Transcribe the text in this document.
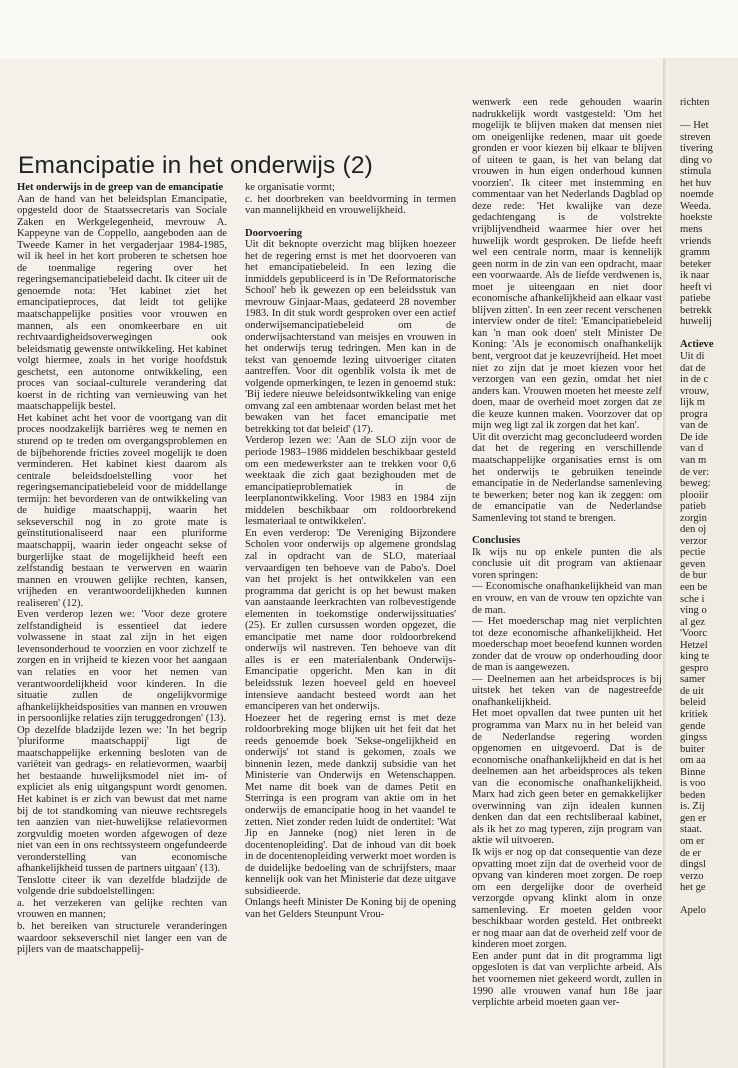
Emancipatie in het onderwijs (2)

Het onderwijs in de greep van de emancipatie

Aan de hand van het beleidsplan Emancipatie, opgesteld door de Staatssecretaris van Sociale Zaken en Werkgelegenheid, mevrouw A. Kappeyne van de Coppello, aangeboden aan de Tweede Kamer in het vergaderjaar 1984-1985, wil ik heel in het kort proberen te schetsen hoe de toenmalige regering over het regeringsemancipatiebeleid dacht. Ik citeer uit de genoemde nota: 'Het kabinet ziet het emancipatieproces, dat leidt tot gelijke maatschappelijke posities voor vrouwen en mannen, als een onomkeerbare en uit rechtvaardigheidsoverwegingen ook beleidsmatig gewenste ontwikkeling. Het kabinet volgt hiermee, zoals in het vorige hoofdstuk geschetst, een autonome ontwikkeling, een proces van sociaal-culturele verandering dat koerst in de richting van vernieuwing van het maatschappelijk bestel.

Het kabinet acht het voor de voortgang van dit proces noodzakelijk barrières weg te nemen en sturend op te treden om overgangsproblemen en de bijbehorende fricties zoveel mogelijk te doen verminderen. Het kabinet kiest daarom als centrale beleidsdoelstelling voor het regeringsemancipatiebeleid voor de middellange termijn: het bevorderen van de ontwikkeling van de huidige maatschappij, waarin het sekseverschil nog in zo grote mate is geïnstitutionaliseerd naar een pluriforme maatschappij, waarin ieder ongeacht sekse of burgerlijke staat de mogelijkheid heeft een zelfstandig bestaan te verwerven en waarin mannen en vrouwen gelijke rechten, kansen, vrijheden en verantwoordelijkheden kunnen realiseren' (12).

Even verderop lezen we: 'Voor deze grotere zelfstandigheid is essentieel dat iedere volwassene in staat zal zijn in het eigen levensonderhoud te voorzien en voor zichzelf te zorgen en in vrijheid te kiezen voor het aangaan van relaties en voor het nemen van verantwoordelijkheid voor kinderen. In die situatie zullen de ongelijkvormige afhankelijkheidsposities van mannen en vrouwen in persoonlijke relaties zijn teruggedrongen' (13).

Op dezelfde bladzijde lezen we: 'In het begrip 'pluriforme maatschappij' ligt de maatschappelijke erkenning besloten van de variëteit van gedrags- en relatievormen, waarbij het bestaande huwelijksmodel niet im- of expliciet als enig uitgangspunt wordt genomen. Het kabinet is er zich van bewust dat met name bij de tot standkoming van nieuwe rechtsregels ten aanzien van niet-huwelijkse relatievormen zorgvuldig moeten worden afgewogen of deze niet van een in ons rechtssysteem ongefundeerde veronderstelling van economische afhankelijkheid tussen de partners uitgaan' (13).

Tenslotte citeer ik van dezelfde bladzijde de volgende drie subdoelstellingen:

a. het verzekeren van gelijke rechten van vrouwen en mannen;

b. het bereiken van structurele veranderingen waardoor sekseverschil niet langer een van de pijlers van de maatschappelij-

ke organisatie vormt;

c. het doorbreken van beeldvorming in termen van mannelijkheid en vrouwelijkheid.

Doorvoering

Uit dit beknopte overzicht mag blijken hoezeer het de regering ernst is met het doorvoeren van het emancipatiebeleid. In een lezing die inmiddels gepubliceerd is in 'De Reformatorische School' heb ik gewezen op een beleidsstuk van mevrouw Ginjaar-Maas, gedateerd 28 november 1983. In dit stuk wordt gesproken over een actief onderwijsemancipatiebeleid om de onderwijsachterstand van meisjes en vrouwen in het onderwijs terug tedringen. Men kan in de tekst van genoemde lezing uitvoeriger citaten aantreffen. Voor dit ogenblik volsta ik met de volgende opmerkingen, te lezen in genoemd stuk: 'Bij iedere nieuwe beleidsontwikkeling van enige omvang zal een ambtenaar worden belast met het bewaken van het facet emancipatie met betrekking tot dat beleid' (17).

Verderop lezen we: 'Aan de SLO zijn voor de periode 1983–1986 middelen beschikbaar gesteld om een medewerkster aan te trekken voor 0,6 weektaak die zich gaat bezighouden met de emancipatieproblematiek in de leerplanontwikkeling. Voor 1983 en 1984 zijn middelen beschikbaar om roldoorbrekend lesmateriaal te ontwikkelen'.

En even verderop: 'De Vereniging Bijzondere Scholen voor onderwijs op algemene grondslag zal in opdracht van de SLO, materiaal vervaardigen ten behoeve van de Pabo's. Doel van het projekt is het ontwikkelen van een programma dat gericht is op het bewust maken van aanstaande leerkrachten van rolbevestigende elementen in toekomstige onderwijssituaties' (25). Er zullen cursussen worden opgezet, die emancipatie met name door roldoorbrekend onderwijs wil nastreven. Ten behoeve van dit alles is er een materialenbank Onderwijs-Emancipatie opgericht. Men kan in dit beleidsstuk lezen hoeveel geld en hoeveel intensieve aandacht besteed wordt aan het emanciperen van het onderwijs.

Hoezeer het de regering ernst is met deze roldoorbreking moge blijken uit het feit dat het reeds genoemde boek 'Sekse-ongelijkheid en onderwijs' tot stand is gekomen, zoals we binnenin lezen, mede dankzij subsidie van het Ministerie van Onderwijs en Wetenschappen. Met name dit boek van de dames Petit en Sterringa is een program van aktie om in het onderwijs de emancipatie hoog in het vaandel te zetten. Niet zonder reden luidt de ondertitel: 'Wat Jip en Janneke (nog) niet leren in de docentenopleiding'. Dat de inhoud van dit boek in de docentenopleiding verwerkt moet worden is de duidelijke bedoeling van de schrijfsters, maar kennelijk ook van het Ministerie dat deze uitgave subsidieerde.

Onlangs heeft Minister De Koning bij de opening van het Gelders Steunpunt Vrou-

wenwerk een rede gehouden waarin nadrukkelijk wordt vastgesteld: 'Om het mogelijk te blijven maken dat mensen niet om oneigenlijke redenen, maar uit goede gronden er voor kiezen bij elkaar te blijven of uiteen te gaan, is het van belang dat vrouwen in hun eigen onderhoud kunnen voorzien'. Ik citeer met instemming en commentaar van het Nederlands Dagblad op deze rede: 'Het kwalijke van deze gedachtengang is de volstrekte vrijblijvendheid waarmee hier over het huwelijk wordt gesproken. De liefde heeft wel een centrale norm, maar is kennelijk geen norm in de zin van een opdracht, maar een voorwaarde. Als de liefde verdwenen is, moet je uiteengaan en niet door economische afhankelijkheid aan elkaar vast blijven zitten'. In een zeer recent verschenen interview onder de titel: 'Emancipatiebeleid kan 'n man ook doen' stelt Minister De Koning: 'Als je economisch onafhankelijk bent, vergroot dat je keuzevrijheid. Het moet niet zo zijn dat je moet kiezen voor het verzorgen van een gezin, omdat het niet anders kan. Vrouwen moeten het meeste zelf doen, maar de overheid moet zorgen dat ze die keuze kunnen maken. Voorzover dat op mijn weg ligt zal ik zorgen dat het kan'.

Uit dit overzicht mag geconcludeerd worden dat het de regering en verschillende maatschappelijke organisaties ernst is om het onderwijs te gebruiken teneinde emancipatie in de Nederlandse samenleving te bewerken; beter nog kan ik zeggen: om de emancipatie van de Nederlandse Samenleving tot stand te brengen.

Conclusies

Ik wijs nu op enkele punten die als conclusie uit dit program van aktienaar voren springen:

— Economische onafhankelijkheid van man en vrouw, en van de vrouw ten opzichte van de man.

— Het moederschap mag niet verplichten tot deze economische afhankelijkheid. Het moederschap moet beoefend kunnen worden zonder dat de vrouw op onderhouding door de man is aangewezen.

— Deelnemen aan het arbeidsproces is bij uitstek het teken van de nagestreefde onafhankelijkheid.

Het moet opvallen dat twee punten uit het programma van Marx nu in het beleid van de Nederlandse regering worden opgenomen en uitgevoerd. Dat is de economische onafhankelijkheid en dat is het deelnemen aan het arbeidsproces als teken van die economische onafhankelijkheid. Marx had zich geen beter en gemakkelijker overwinning van zijn idealen kunnen denken dan dat een rechtsliberaal kabinet, als ik het zo mag typeren, zijn program van aktie wil uitvoeren.

Ik wijs er nog op dat consequentie van deze opvatting moet zijn dat de overheid voor de opvang van kinderen moet zorgen. De roep om een dergelijke door de overheid verzorgde opvang klinkt alom in onze samenleving. Er moeten gelden voor beschikbaar worden gesteld. Het ontbreekt er nog maar aan dat de overheid zelf voor de kinderen moet zorgen.

Een ander punt dat in dit programma ligt opgesloten is dat van verplichte arbeid. Als het voornemen niet gekeerd wordt, zullen in 1990 alle vrouwen vanaf hun 18e jaar verplichte arbeid moeten gaan ver-

richten

— Het
streven
tivering
ding vo
stimula
het huv
noemde
Weeda.
hoekste
mens
vriends
gramm
beteker
ik naar
heeft vi
patiebe
betrekk
huwelij

Actieve
Uit di
dat de
in de c
vrouw,
lijk m
progra
van de
De ide
van d
van m
de ver:
beweg:
plooiir
patieb
zorgin
den oj
verzor
pectie
geven
de bur
een be
sche i
ving o
al gez
'Voorc
Hetzel
king te
gespro
samer
de uit
beleid
kritiek
gende
gingss
buiter
om aa
Binne
is voo
beden
is. Zij
gen er
staat.
om er
de er
dingsl
verzo
het ge

Apelo
